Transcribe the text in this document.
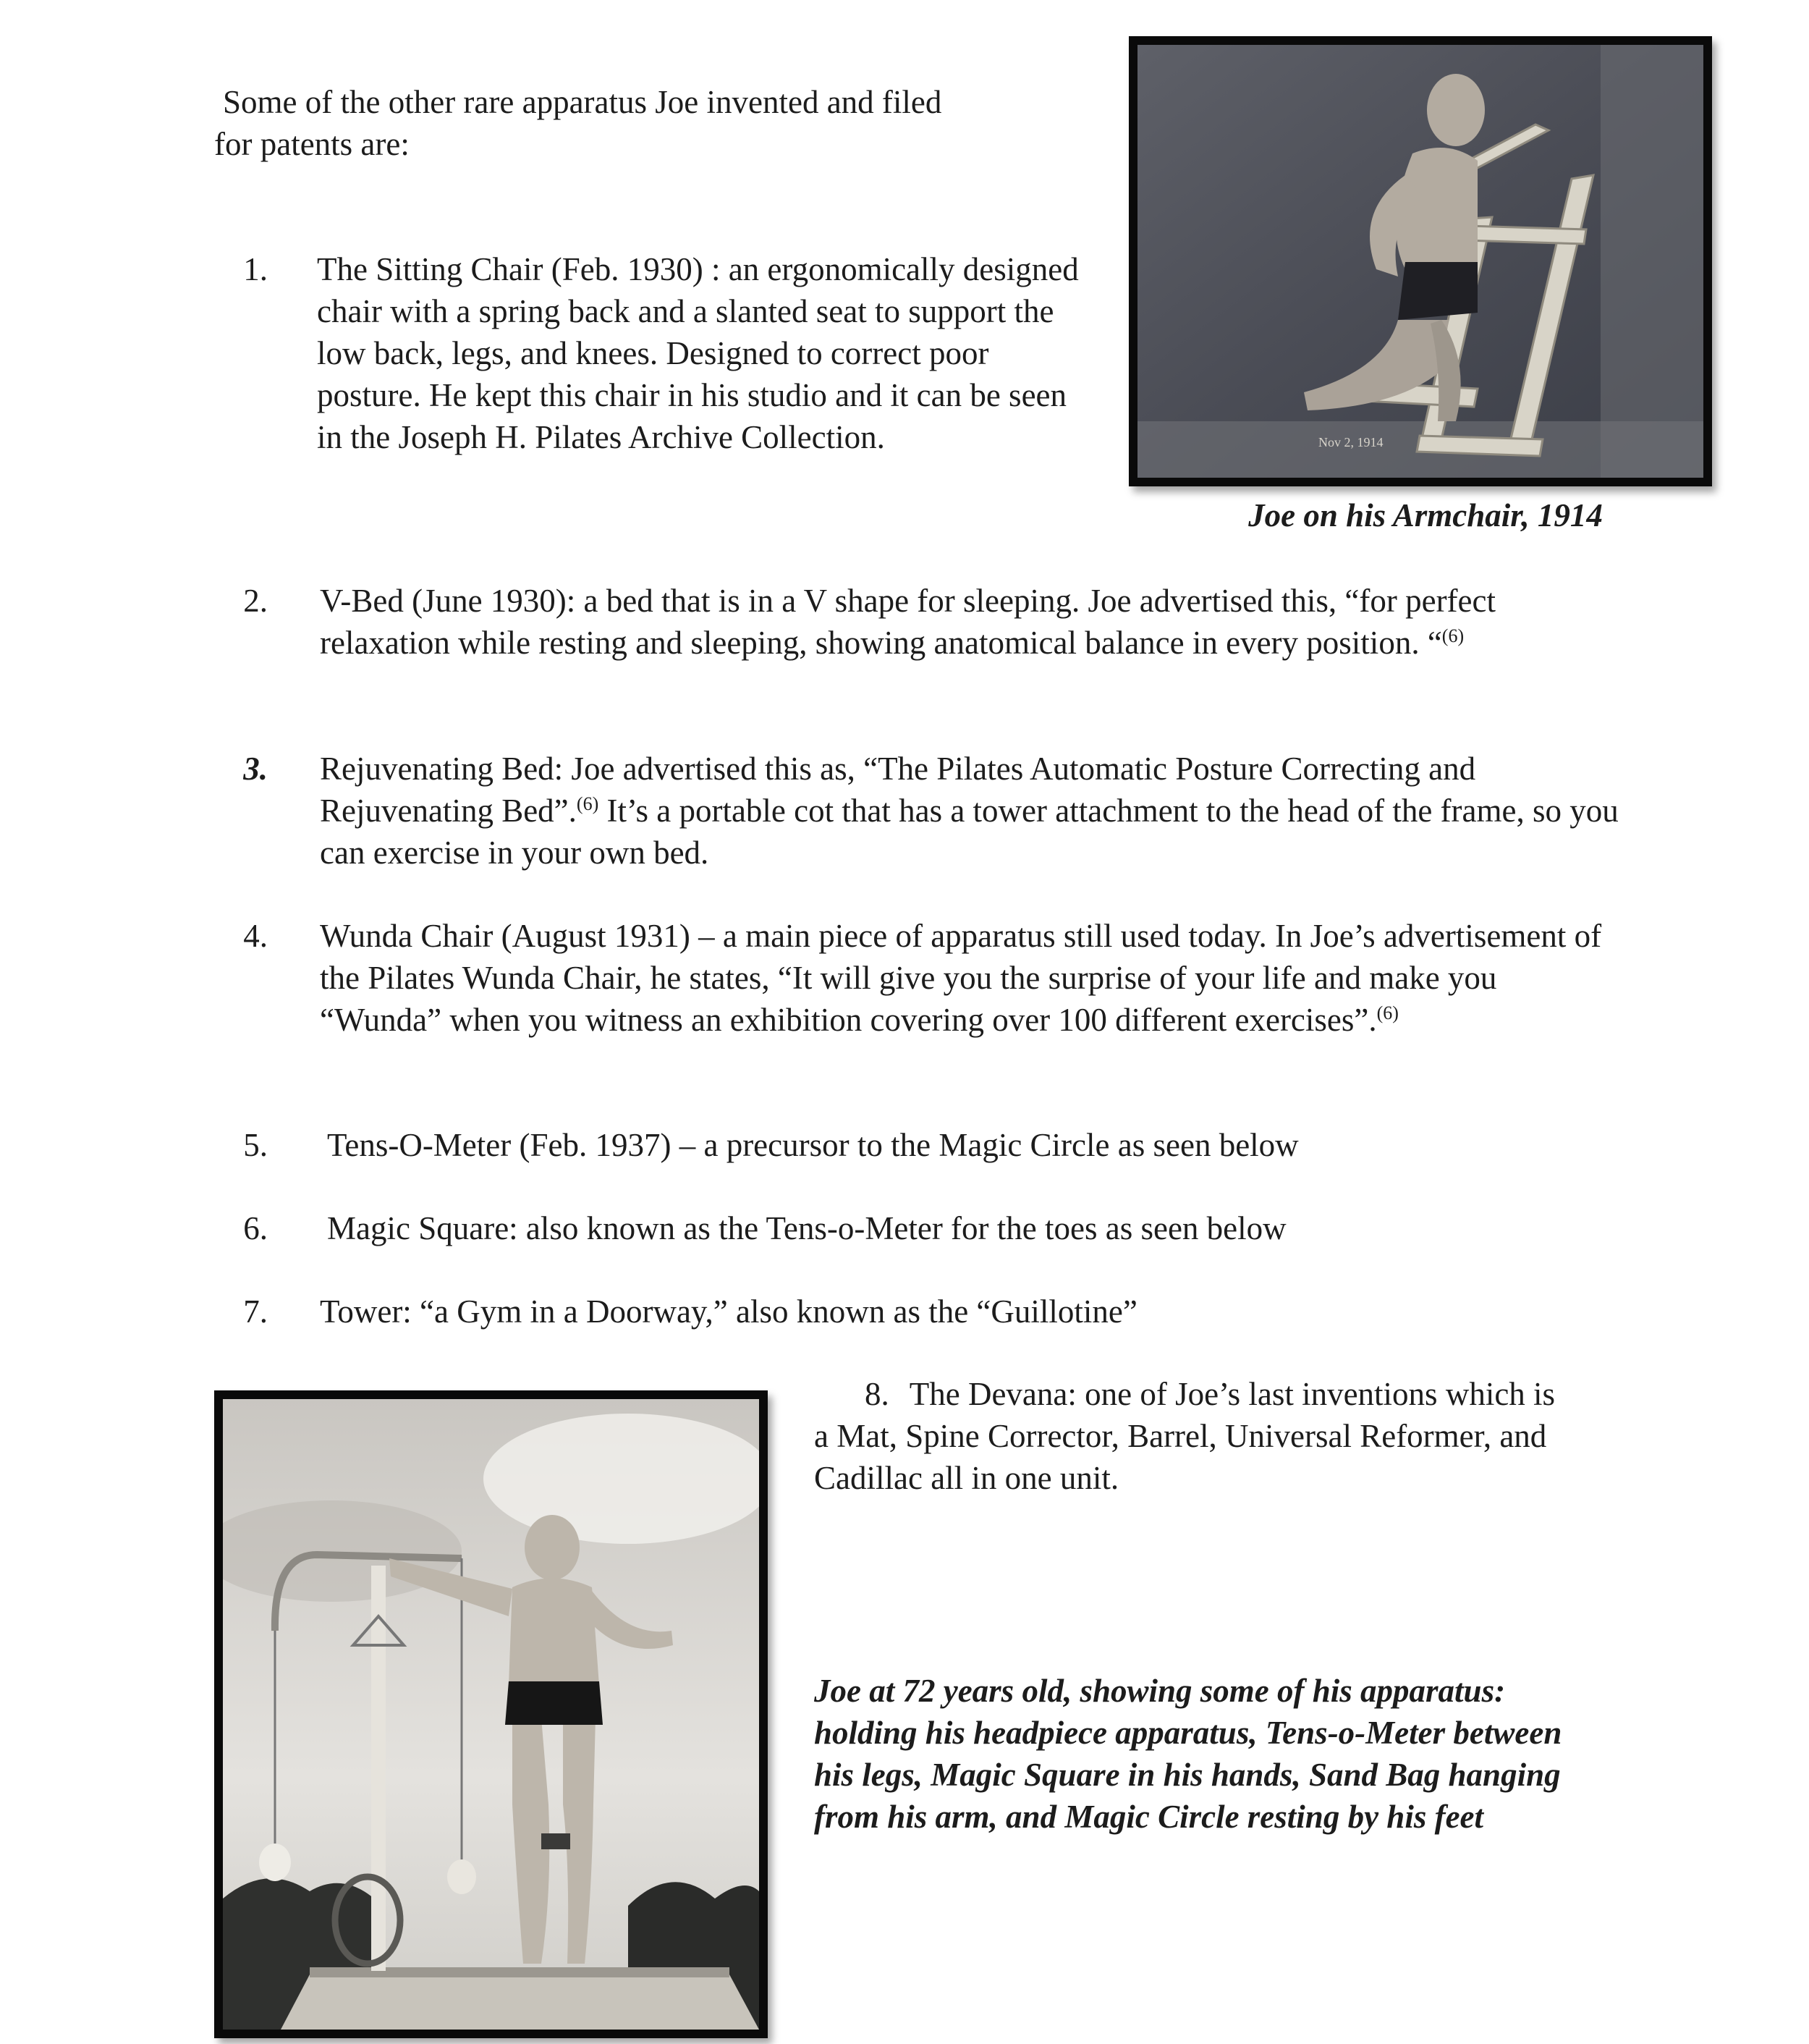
Some of the other rare apparatus Joe invented and filed

for patents are:

1. The Sitting Chair (Feb. 1930) : an ergonomically designed chair with a spring back and a slanted seat to support the low back, legs, and knees. Designed to correct poor posture. He kept this chair in his studio and it can be seen in the Joseph H. Pilates Archive Collection.	Nov 2, 1914
Joe on his Armchair, 1914
2. V-Bed (June 1930): a bed that is in a V shape for sleeping. Joe advertised this, “for perfect relaxation while resting and sleeping, showing anatomical balance in every position. “$^{(6)}$

3. Rejuvenating Bed: Joe advertised this as, “The Pilates Automatic Posture Correcting and Rejuvenating Bed”.$^{(6)}$ It’s a portable cot that has a tower attachment to the head of the frame, so you can exercise in your own bed.

4. Wunda Chair (August 1931) – a main piece of apparatus still used today. In Joe’s advertisement of the Pilates Wunda Chair, he states, “It will give you the surprise of your life and make you “Wunda” when you witness an exhibition covering over 100 different exercises”.$^{(6)}$

5. Tens-O-Meter (Feb. 1937) – a precursor to the Magic Circle as seen below

6. Magic Square: also known as the Tens-o-Meter for the toes as seen below

7. Tower: “a Gym in a Doorway,” also known as the “Guillotine”

8. The Devana: one of Joe’s last inventions which is a Mat, Spine Corrector, Barrel, Universal Reformer, and Cadillac all in one unit.

Joe at 72 years old, showing some of his apparatus: holding his headpiece apparatus, Tens-o-Meter between his legs, Magic Square in his hands, Sand Bag hanging from his arm, and Magic Circle resting by his feet
